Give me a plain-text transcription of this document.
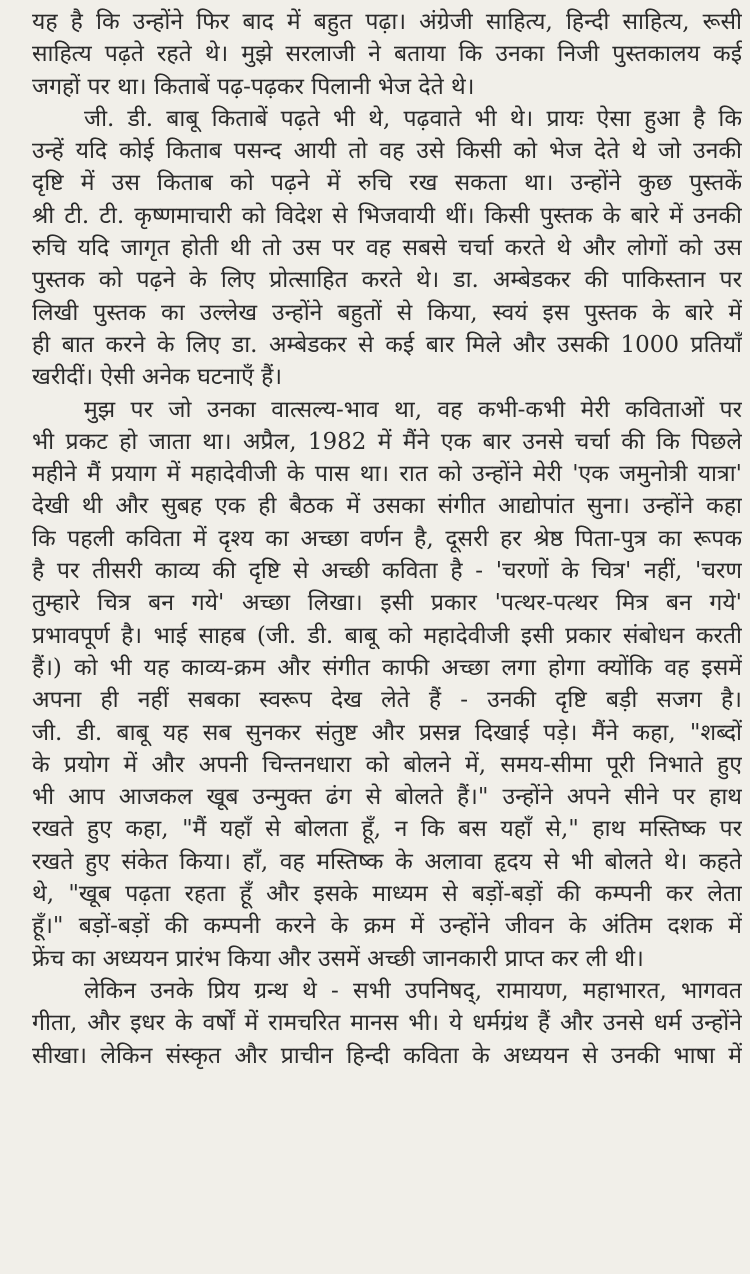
यह है कि उन्होंने फिर बाद में बहुत पढ़ा। अंग्रेजी साहित्य, हिन्दी साहित्य, रूसी
साहित्य पढ़ते रहते थे। मुझे सरलाजी ने बताया कि उनका निजी पुस्तकालय कई
जगहों पर था। किताबें पढ़-पढ़कर पिलानी भेज देते थे।
जी. डी. बाबू किताबें पढ़ते भी थे, पढ़वाते भी थे। प्रायः ऐसा हुआ है कि
उन्हें यदि कोई किताब पसन्द आयी तो वह उसे किसी को भेज देते थे जो उनकी
दृष्टि में उस किताब को पढ़ने में रुचि रख सकता था। उन्होंने कुछ पुस्तकें
श्री टी. टी. कृष्णमाचारी को विदेश से भिजवायी थीं। किसी पुस्तक के बारे में उनकी
रुचि यदि जागृत होती थी तो उस पर वह सबसे चर्चा करते थे और लोगों को उस
पुस्तक को पढ़ने के लिए प्रोत्साहित करते थे। डा. अम्बेडकर की पाकिस्तान पर
लिखी पुस्तक का उल्लेख उन्होंने बहुतों से किया, स्वयं इस पुस्तक के बारे में
ही बात करने के लिए डा. अम्बेडकर से कई बार मिले और उसकी 1000 प्रतियाँ
खरीदीं। ऐसी अनेक घटनाएँ हैं।
मुझ पर जो उनका वात्सल्य-भाव था, वह कभी-कभी मेरी कविताओं पर
भी प्रकट हो जाता था। अप्रैल, 1982 में मैंने एक बार उनसे चर्चा की कि पिछले
महीने मैं प्रयाग में महादेवीजी के पास था। रात को उन्होंने मेरी 'एक जमुनोत्री यात्रा'
देखी थी और सुबह एक ही बैठक में उसका संगीत आद्योपांत सुना। उन्होंने कहा
कि पहली कविता में दृश्य का अच्छा वर्णन है, दूसरी हर श्रेष्ठ पिता-पुत्र का रूपक
है पर तीसरी काव्य की दृष्टि से अच्छी कविता है - 'चरणों के चित्र' नहीं, 'चरण
तुम्हारे चित्र बन गये' अच्छा लिखा। इसी प्रकार 'पत्थर-पत्थर मित्र बन गये'
प्रभावपूर्ण है। भाई साहब (जी. डी. बाबू को महादेवीजी इसी प्रकार संबोधन करती
हैं।) को भी यह काव्य-क्रम और संगीत काफी अच्छा लगा होगा क्योंकि वह इसमें
अपना ही नहीं सबका स्वरूप देख लेते हैं - उनकी दृष्टि बड़ी सजग है।
जी. डी. बाबू यह सब सुनकर संतुष्ट और प्रसन्न दिखाई पड़े। मैंने कहा, "शब्दों
के प्रयोग में और अपनी चिन्तनधारा को बोलने में, समय-सीमा पूरी निभाते हुए
भी आप आजकल खूब उन्मुक्त ढंग से बोलते हैं।" उन्होंने अपने सीने पर हाथ
रखते हुए कहा, "मैं यहाँ से बोलता हूँ, न कि बस यहाँ से," हाथ मस्तिष्क पर
रखते हुए संकेत किया। हाँ, वह मस्तिष्क के अलावा हृदय से भी बोलते थे। कहते
थे, "खूब पढ़ता रहता हूँ और इसके माध्यम से बड़ों-बड़ों की कम्पनी कर लेता
हूँ।" बड़ों-बड़ों की कम्पनी करने के क्रम में उन्होंने जीवन के अंतिम दशक में
फ्रेंच का अध्ययन प्रारंभ किया और उसमें अच्छी जानकारी प्राप्त कर ली थी।
लेकिन उनके प्रिय ग्रन्थ थे - सभी उपनिषद्, रामायण, महाभारत, भागवत
गीता, और इधर के वर्षों में रामचरित मानस भी। ये धर्मग्रंथ हैं और उनसे धर्म उन्होंने
सीखा। लेकिन संस्कृत और प्राचीन हिन्दी कविता के अध्ययन से उनकी भाषा में
